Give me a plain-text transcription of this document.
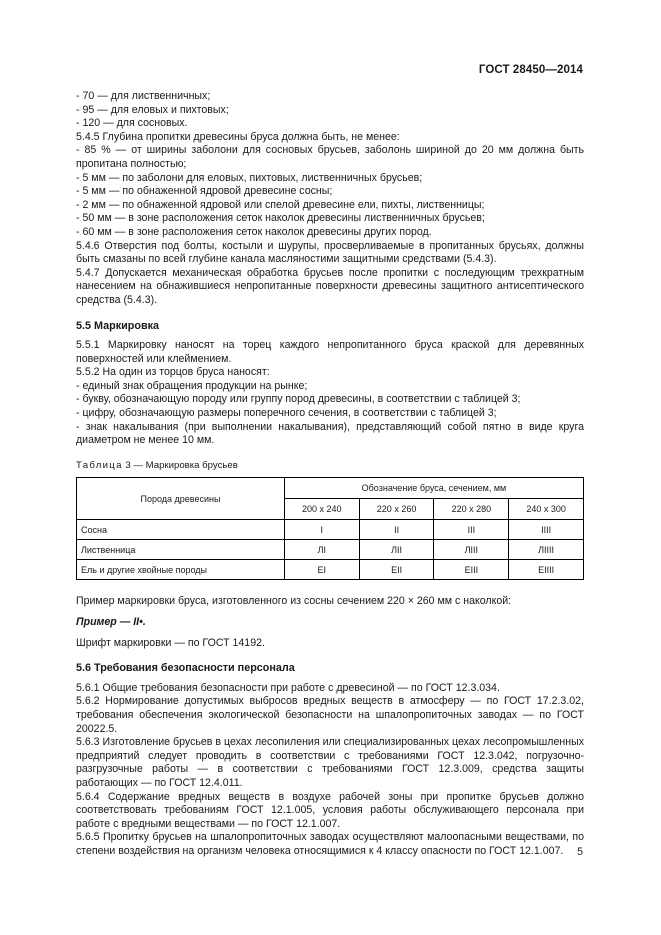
ГОСТ 28450—2014

- 70 — для лиственничных;

- 95 — для еловых и пихтовых;

- 120 — для сосновых.

5.4.5 Глубина пропитки древесины бруса должна быть, не менее:

- 85 % — от ширины заболони для сосновых брусьев, заболонь шириной до 20 мм должна быть пропитана полностью;

- 5 мм — по заболони для еловых, пихтовых, лиственничных брусьев;

- 5 мм — по обнаженной ядровой древесине сосны;

- 2 мм — по обнаженной ядровой или спелой древесине ели, пихты, лиственницы;

- 50 мм — в зоне расположения сеток наколок древесины лиственничных брусьев;

- 60 мм — в зоне расположения сеток наколок древесины других пород.

5.4.6 Отверстия под болты, костыли и шурупы, просверливаемые в пропитанных брусьях, должны быть смазаны по всей глубине канала масляностими защитными средствами (5.4.3).

5.4.7 Допускается механическая обработка брусьев после пропитки с последующим трехкратным нанесением на обнажившиеся непропитанные поверхности древесины защитного антисептического средства (5.4.3).

5.5 Маркировка

5.5.1 Маркировку наносят на торец каждого непропитанного бруса краской для деревянных поверхностей или клеймением.

5.5.2 На один из торцов бруса наносят:

- единый знак обращения продукции на рынке;

- букву, обозначающую породу или группу пород древесины, в соответствии с таблицей 3;

- цифру, обозначающую размеры поперечного сечения, в соответствии с таблицей 3;

- знак накалывания (при выполнении накалывания), представляющий собой пятно в виде круга диаметром не менее 10 мм.

Таблица 3 — Маркировка брусьев
Порода древесины	Обозначение бруса, сечением, мм			
	200 x 240	220 x 260	220 x 280	240 x 300
Сосна	I	II	III	IIII
Лиственница	ЛI	ЛII	ЛIII	ЛIIII
Ель и другие хвойные породы	EI	EII	EIII	EIIII

Пример маркировки бруса, изготовленного из сосны сечением 220 × 260 мм с наколкой:

Пример — II•.

Шрифт маркировки — по ГОСТ 14192.

5.6 Требования безопасности персонала

5.6.1 Общие требования безопасности при работе с древесиной — по ГОСТ 12.3.034.

5.6.2 Нормирование допустимых выбросов вредных веществ в атмосферу — по ГОСТ 17.2.3.02, требования обеспечения экологической безопасности на шпалопропиточных заводах — по ГОСТ 20022.5.

5.6.3 Изготовление брусьев в цехах лесопиления или специализированных цехах лесопромышленных предприятий следует проводить в соответствии с требованиями ГОСТ 12.3.042, погрузочно-разгрузочные работы — в соответствии с требованиями ГОСТ 12.3.009, средства защиты работающих — по ГОСТ 12.4.011.

5.6.4 Содержание вредных веществ в воздухе рабочей зоны при пропитке брусьев должно соответствовать требованиям ГОСТ 12.1.005, условия работы обслуживающего персонала при работе с вредными веществами — по ГОСТ 12.1.007.

5.6.5 Пропитку брусьев на шпалопропиточных заводах осуществляют малоопасными веществами, по степени воздействия на организм человека относящимися к 4 классу опасности по ГОСТ 12.1.007.	5
